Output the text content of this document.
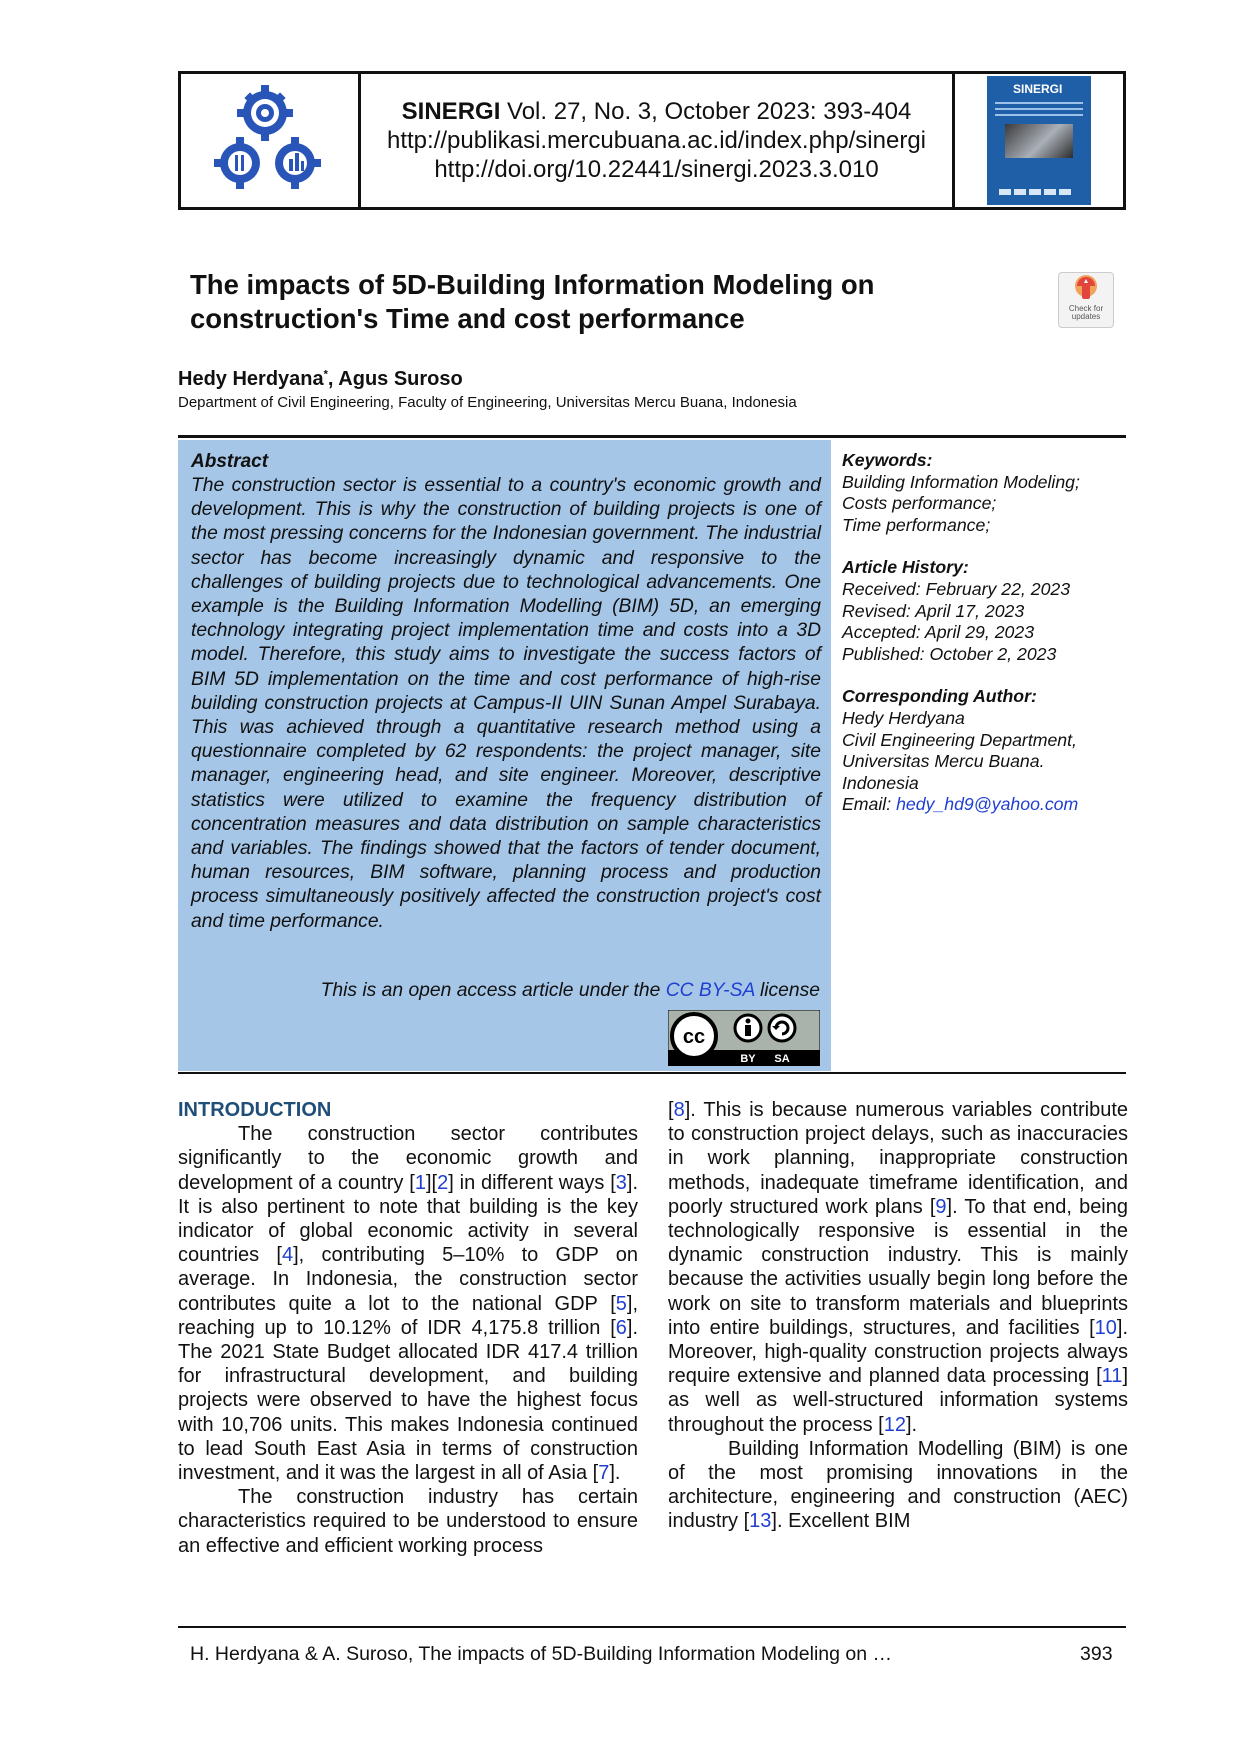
SINERGI Vol. 27, No. 3, October 2023: 393-404
http://publikasi.mercubuana.ac.id/index.php/sinergi
http://doi.org/10.22441/sinergi.2023.3.010
SINERGI
The impacts of 5D-Building Information Modeling on construction's Time and cost performance	Check for updates
Hedy Herdyana*, Agus Suroso
Department of Civil Engineering, Faculty of Engineering, Universitas Mercu Buana, Indonesia

Abstract

The construction sector is essential to a country's economic growth and development. This is why the construction of building projects is one of the most pressing concerns for the Indonesian government. The industrial sector has become increasingly dynamic and responsive to the challenges of building projects due to technological advancements. One example is the Building Information Modelling (BIM) 5D, an emerging technology integrating project implementation time and costs into a 3D model. Therefore, this study aims to investigate the success factors of BIM 5D implementation on the time and cost performance of high-rise building construction projects at Campus-II UIN Sunan Ampel Surabaya. This was achieved through a quantitative research method using a questionnaire completed by 62 respondents: the project manager, site manager, engineering head, and site engineer. Moreover, descriptive statistics were utilized to examine the frequency distribution of concentration measures and data distribution on sample characteristics and variables. The findings showed that the factors of tender document, human resources, BIM software, planning process and production process simultaneously positively affected the construction project's cost and time performance.

This is an open access article under the CC BY-SA license
cc
BY SA
Keywords:
Building Information Modeling;
Costs performance;
Time performance;
Article History:
Received: February 22, 2023
Revised: April 17, 2023
Accepted: April 29, 2023
Published: October 2, 2023
Corresponding Author:
Hedy Herdyana
Civil Engineering Department,
Universitas Mercu Buana.
Indonesia
Email: hedy_hd9@yahoo.com
INTRODUCTION

The construction sector contributes significantly to the economic growth and development of a country [1][2] in different ways [3]. It is also pertinent to note that building is the key indicator of global economic activity in several countries [4], contributing 5–10% to GDP on average. In Indonesia, the construction sector contributes quite a lot to the national GDP [5], reaching up to 10.12% of IDR 4,175.8 trillion [6]. The 2021 State Budget allocated IDR 417.4 trillion for infrastructural development, and building projects were observed to have the highest focus with 10,706 units. This makes Indonesia continued to lead South East Asia in terms of construction investment, and it was the largest in all of Asia [7].

The construction industry has certain characteristics required to be understood to ensure an effective and efficient working process

[8]. This is because numerous variables contribute to construction project delays, such as inaccuracies in work planning, inappropriate construction methods, inadequate timeframe identification, and poorly structured work plans [9]. To that end, being technologically responsive is essential in the dynamic construction industry. This is mainly because the activities usually begin long before the work on site to transform materials and blueprints into entire buildings, structures, and facilities [10]. Moreover, high-quality construction projects always require extensive and planned data processing [11] as well as well-structured information systems throughout the process [12].

Building Information Modelling (BIM) is one of the most promising innovations in the architecture, engineering and construction (AEC) industry [13]. Excellent BIM

H. Herdyana & A. Suroso, The impacts of 5D-Building Information Modeling on …	393
